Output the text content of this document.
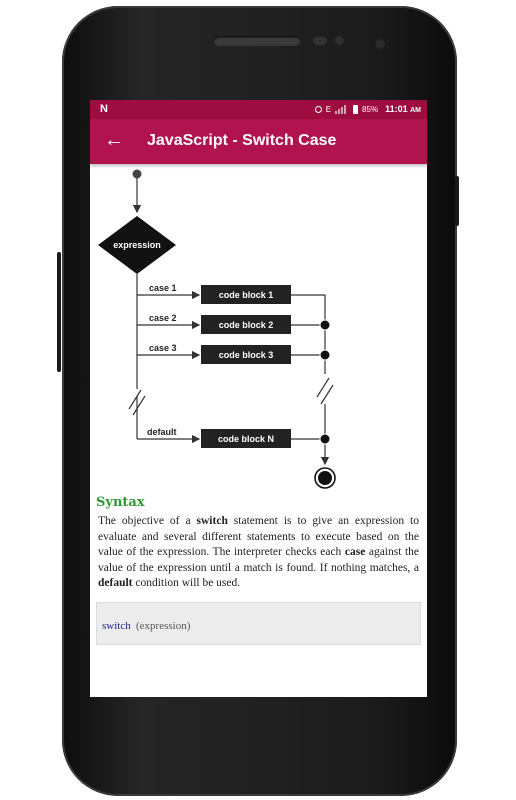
N	E	85% 11:01 AM
← JavaScript - Switch Case
expression
case 1
code block 1
case 2
code block 2
case 3
code block 3
default
code block N
Syntax
The objective of a switch statement is to give an expression to evaluate and several different statements to execute based on the value of the expression. The interpreter checks each case against the value of the expression until a match is found. If nothing matches, a default condition will be used.
switch (expression)
